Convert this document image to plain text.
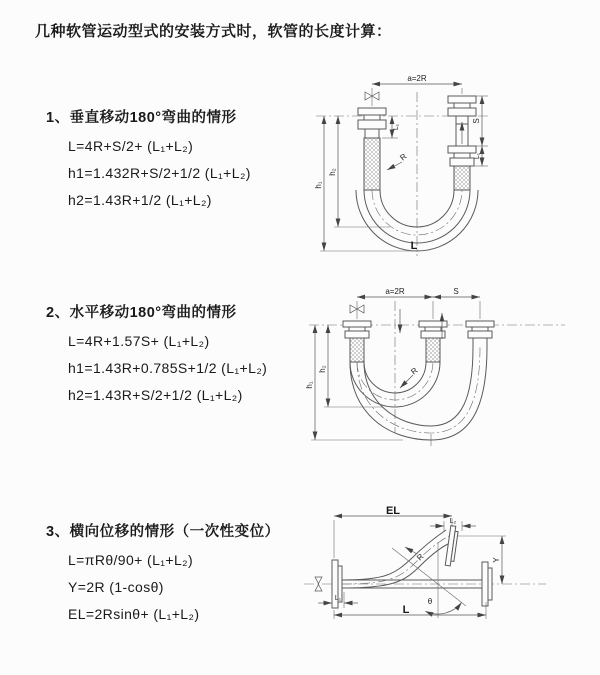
几种软管运动型式的安装方式时，软管的长度计算：
1、垂直移动180°弯曲的情形
L=4R+S/2+ (L₁+L₂)
h1=1.432R+S/2+1/2 (L₁+L₂)
h2=1.43R+1/2 (L₁+L₂)
a=2R
h₁
h₂
L₁
S
L₁
R
L
2、水平移动180°弯曲的情形
L=4R+1.57S+ (L₁+L₂)
h1=1.43R+0.785S+1/2 (L₁+L₂)
h2=1.43R+S/2+1/2 (L₁+L₂)
a=2R	S
h₁
h₂	R
3、横向位移的情形（一次性变位）
L=πRθ/90+ (L₁+L₂)
Y=2R (1-cosθ)
EL=2Rsinθ+ (L₁+L₂)
EL
L₂
Y
θ
R
L₁
L
